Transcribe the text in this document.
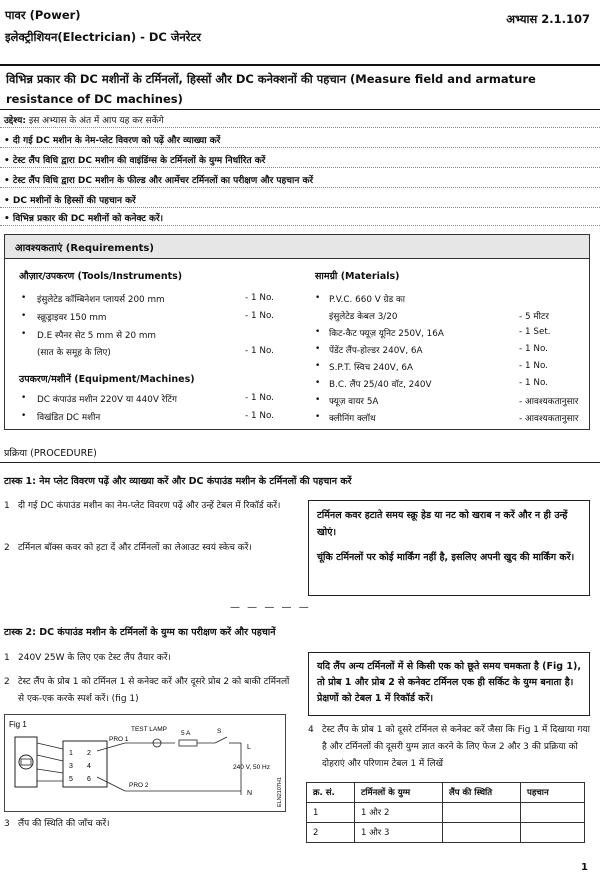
पावर (Power)
इलेक्ट्रीशियन(Electrician) - DC जेनरेटर
अभ्यास 2.1.107
विभिन्न प्रकार की DC मशीनों के टर्मिनलों, हिस्सों और DC कनेक्शनों की पहचान (Measure field and armature resistance of DC machines)
उद्देश्य: इस अभ्यास के अंत में आप यह कर सकेंगे
• दी गई DC मशीन के नेम-प्लेट विवरण को पढ़ें और व्याख्या करें
• टेस्ट लैंप विधि द्वारा DC मशीन की वाइंडिंग्स के टर्मिनलों के युग्म निर्धारित करें
• टेस्ट लैंप विधि द्वारा DC मशीन के फील्ड और आर्मेचर टर्मिनलों का परीक्षण और पहचान करें
• DC मशीनों के हिस्सों की पहचान करें
• विभिन्न प्रकार की DC मशीनों को कनेक्ट करें।
आवश्यकताएं (Requirements)
औज़ार/उपकरण (Tools/Instruments)
• इंसुलेटेड कॉम्बिनेशन प्लायर्स 200 mm	- 1 No.
• स्क्रूड्राइवर 150 mm	- 1 No.
• D.E स्पैनर सेट 5 mm से 20 mm
(सात के समूह के लिए)	- 1 No.
उपकरण/मशीनें (Equipment/Machines)
• DC कंपाउंड मशीन 220V या 440V रेटिंग	- 1 No.
• विखंडित DC मशीन	- 1 No.
सामग्री (Materials)
• P.V.C. 660 V ग्रेड का
इंसुलेटेड केबल 3/20	- 5 मीटर
• किट-कैट फ्यूज़ यूनिट 250V, 16A	- 1 Set.
• पेंडेंट लैंप-होल्डर 240V, 6A	- 1 No.
• S.P.T. स्विच 240V, 6A	- 1 No.
• B.C. लैंप 25/40 वॉट, 240V	- 1 No.
• फ्यूज़ वायर 5A	- आवश्यकतानुसार
• क्लीनिंग क्लॉथ	- आवश्यकतानुसार
प्रक्रिया (PROCEDURE)
टास्क 1: नेम प्लेट विवरण पढ़ें और व्याख्या करें और DC कंपाउंड मशीन के टर्मिनलों की पहचान करें
1 दी गई DC कंपाउंड मशीन का नेम-प्लेट विवरण पढ़ें और उन्हें टेबल में रिकॉर्ड करें।
2 टर्मिनल बॉक्स कवर को हटा दें और टर्मिनलों का लेआउट स्वयं स्केच करें।
टर्मिनल कवर हटाते समय स्क्रू हेड या नट को खराब न करें और न ही उन्हें खोएं।
चूंकि टर्मिनलों पर कोई मार्किंग नहीं है, इसलिए अपनी खुद की मार्किंग करें।
— — — — —
टास्क 2: DC कंपाउंड मशीन के टर्मिनलों के युग्म का परीक्षण करें और पहचानें
1 240V 25W के लिए एक टेस्ट लैंप तैयार करें।
2 टेस्ट लैंप के प्रोब 1 को टर्मिनल 1 से कनेक्ट करें और दूसरे प्रोब 2 को बाकी टर्मिनलों से एक-एक करके स्पर्श करें। (fig 1)
Fig 1
1 2
3 4
5 6
PRO 1
TEST LAMP
5 A	S
L
240 V, 50 Hz
N
PRO 2	ELN2107H1
3 लैंप की स्थिति की जाँच करें।
यदि लैंप अन्य टर्मिनलों में से किसी एक को छूते समय चमकता है (Fig 1), तो प्रोब 1 और प्रोब 2 से कनेक्ट टर्मिनल एक ही सर्किट के युग्म बनाता है। प्रेक्षणों को टेबल 1 में रिकॉर्ड करें।
4 टेस्ट लैंप के प्रोब 1 को दूसरे टर्मिनल से कनेक्ट करें जैसा कि Fig 1 में दिखाया गया है और टर्मिनलों की दूसरी युग्म ज्ञात करने के लिए फेज 2 और 3 की प्रक्रिया को दोहराएं और परिणाम टेबल 1 में लिखें
क्र. सं.	टर्मिनलों के युग्म	लैंप की स्थिति	पहचान
1	1 और 2		
2	1 और 3		
1
